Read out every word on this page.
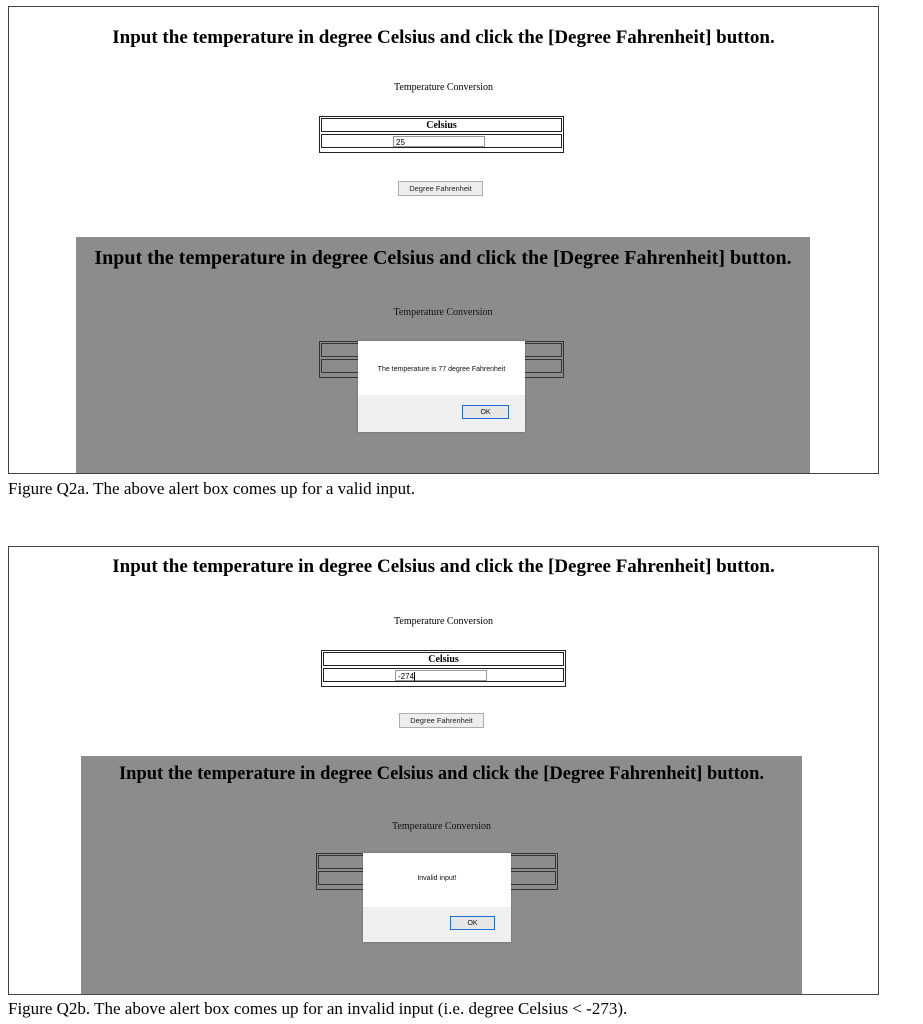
Input the temperature in degree Celsius and click the [Degree Fahrenheit] button.
Temperature Conversion
Celsius
25
Degree Fahrenheit
Input the temperature in degree Celsius and click the [Degree Fahrenheit] button.
Temperature Conversion
The temperature is 77 degree Fahrenheit
OK
Figure Q2a. The above alert box comes up for a valid input.
Input the temperature in degree Celsius and click the [Degree Fahrenheit] button.
Temperature Conversion
Celsius
-274
Degree Fahrenheit
Input the temperature in degree Celsius and click the [Degree Fahrenheit] button.
Temperature Conversion
Invalid input!
OK
Figure Q2b. The above alert box comes up for an invalid input (i.e. degree Celsius < -273).
